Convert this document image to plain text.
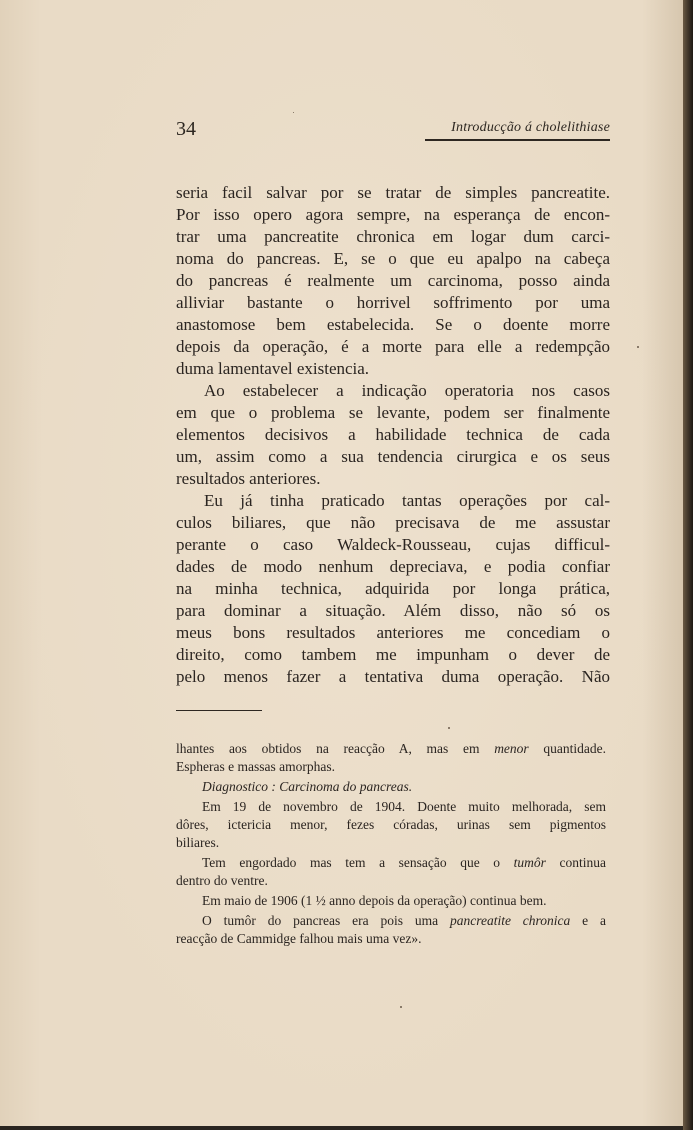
34	Introducção á cholelithiase
seria facil salvar por se tratar de simples pancreatite.
Por isso opero agora sempre, na esperança de encon-
trar uma pancreatite chronica em logar dum carci-
noma do pancreas. E, se o que eu apalpo na cabeça
do pancreas é realmente um carcinoma, posso ainda
alliviar bastante o horrivel soffrimento por uma
anastomose bem estabelecida. Se o doente morre
depois da operação, é a morte para elle a redempção
duma lamentavel existencia.
Ao estabelecer a indicação operatoria nos casos
em que o problema se levante, podem ser finalmente
elementos decisivos a habilidade technica de cada
um, assim como a sua tendencia cirurgica e os seus
resultados anteriores.
Eu já tinha praticado tantas operações por cal-
culos biliares, que não precisava de me assustar
perante o caso Waldeck-Rousseau, cujas difficul-
dades de modo nenhum depreciava, e podia confiar
na minha technica, adquirida por longa prática,
para dominar a situação. Além disso, não só os
meus bons resultados anteriores me concediam o
direito, como tambem me impunham o dever de
pelo menos fazer a tentativa duma operação. Não
lhantes aos obtidos na reacção A, mas em menor quantidade.
Espheras e massas amorphas.
Diagnostico : Carcinoma do pancreas.
Em 19 de novembro de 1904. Doente muito melhorada, sem
dôres, ictericia menor, fezes córadas, urinas sem pigmentos
biliares.
Tem engordado mas tem a sensação que o tumôr continua
dentro do ventre.
Em maio de 1906 (1 ½ anno depois da operação) continua bem.
O tumôr do pancreas era pois uma pancreatite chronica e a
reacção de Cammidge falhou mais uma vez».
